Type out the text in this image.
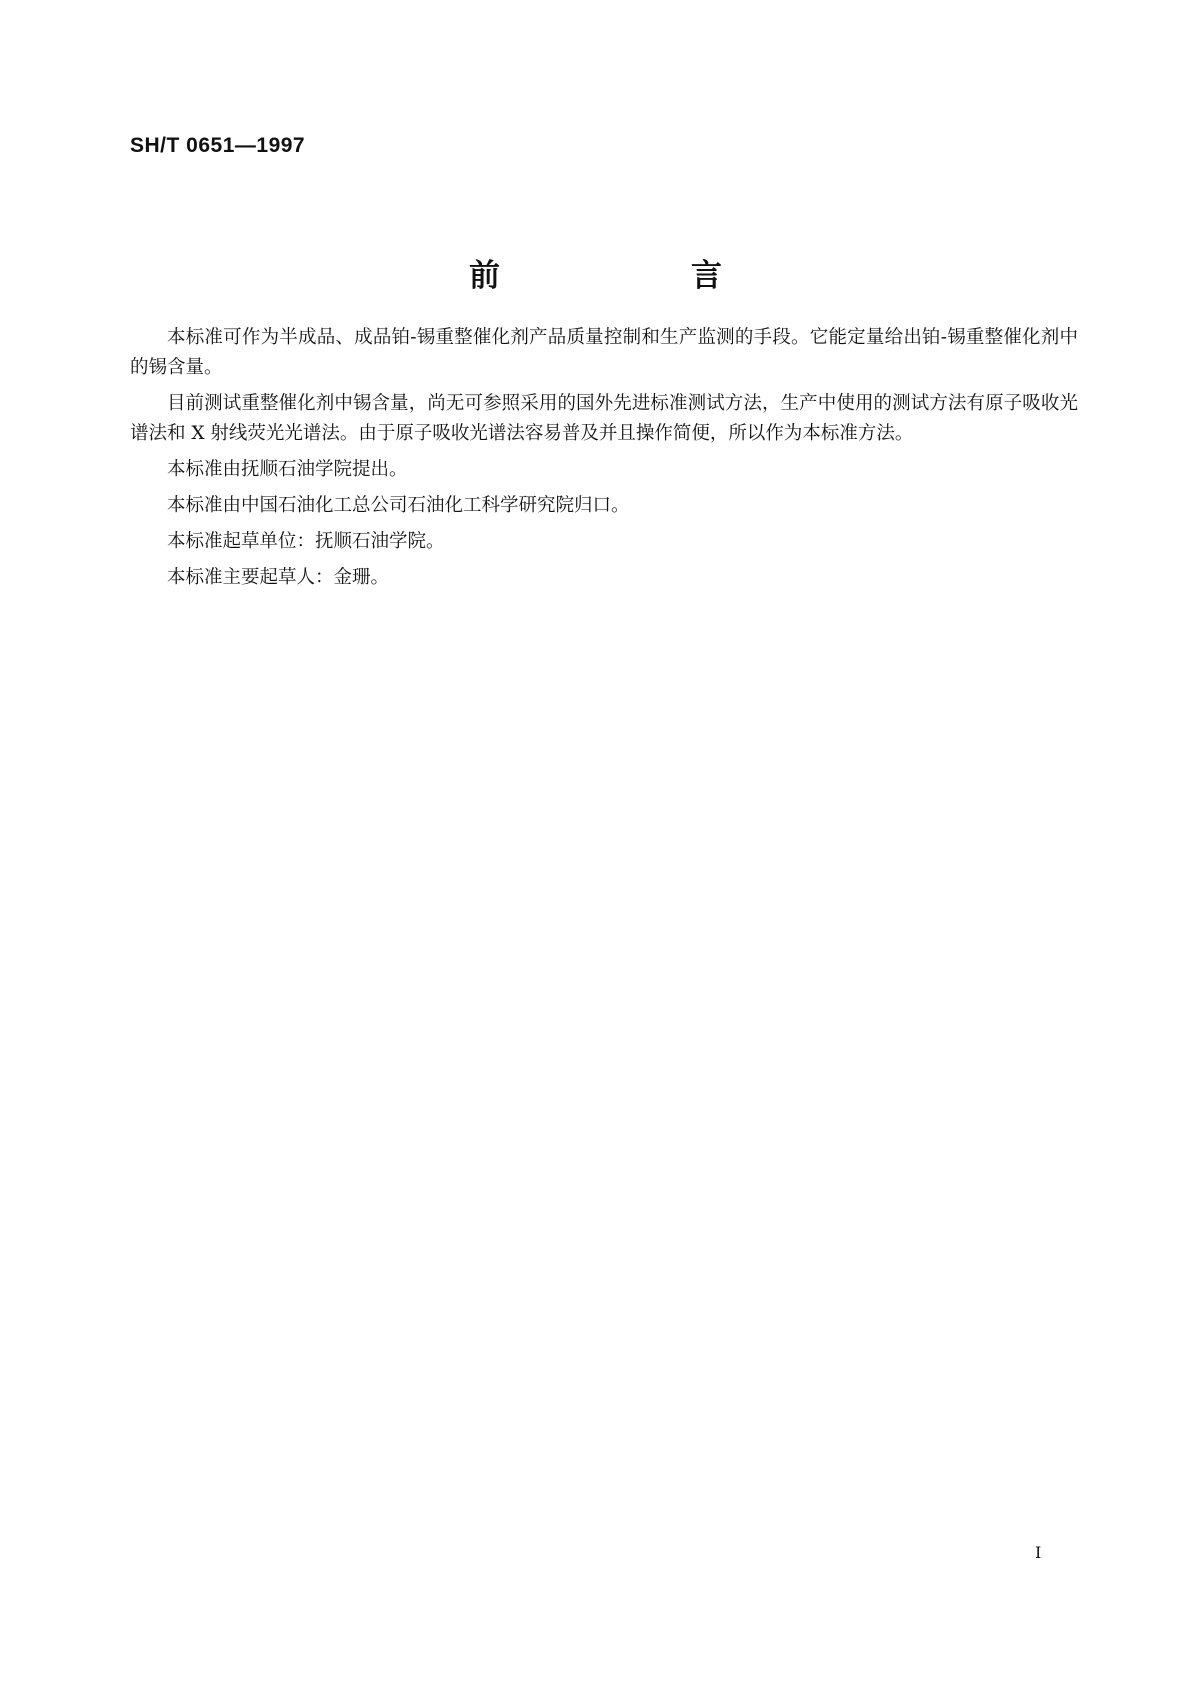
SH/T 0651—1997
前　言

本标准可作为半成品、成品铂-锡重整催化剂产品质量控制和生产监测的手段。它能定量给出铂-锡重整催化剂中的锡含量。

目前测试重整催化剂中锡含量，尚无可参照采用的国外先进标准测试方法，生产中使用的测试方法有原子吸收光谱法和 X 射线荧光光谱法。由于原子吸收光谱法容易普及并且操作简便，所以作为本标准方法。

本标准由抚顺石油学院提出。

本标准由中国石油化工总公司石油化工科学研究院归口。

本标准起草单位：抚顺石油学院。

本标准主要起草人：金珊。

I
